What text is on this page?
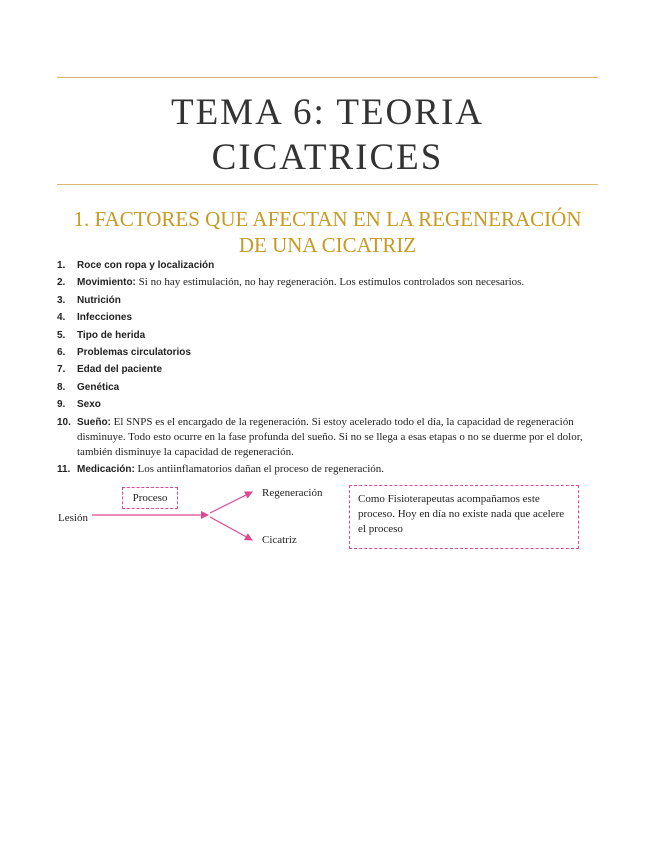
TEMA 6: TEORIA
CICATRICES
1. FACTORES QUE AFECTAN EN LA REGENERACIÓN
DE UNA CICATRIZ
1. Roce con ropa y localización
2. Movimiento: Si no hay estimulación, no hay regeneración. Los estímulos controlados son necesarios.
3. Nutrición
4. Infecciones
5. Tipo de herida
6. Problemas circulatorios
7. Edad del paciente
8. Genética
9. Sexo
10. Sueño: El SNPS es el encargado de la regeneración. Si estoy acelerado todo el día, la capacidad de regeneración disminuye. Todo esto ocurre en la fase profunda del sueño. Si no se llega a esas etapas o no se duerme por el dolor, también disminuye la capacidad de regeneración.
11. Medicación: Los antiinflamatorios dañan el proceso de regeneración.
Lesión
Proceso	Regeneración
Cicatriz
Como Fisioterapeutas acompañamos este proceso. Hoy en día no existe nada que acelere el proceso
